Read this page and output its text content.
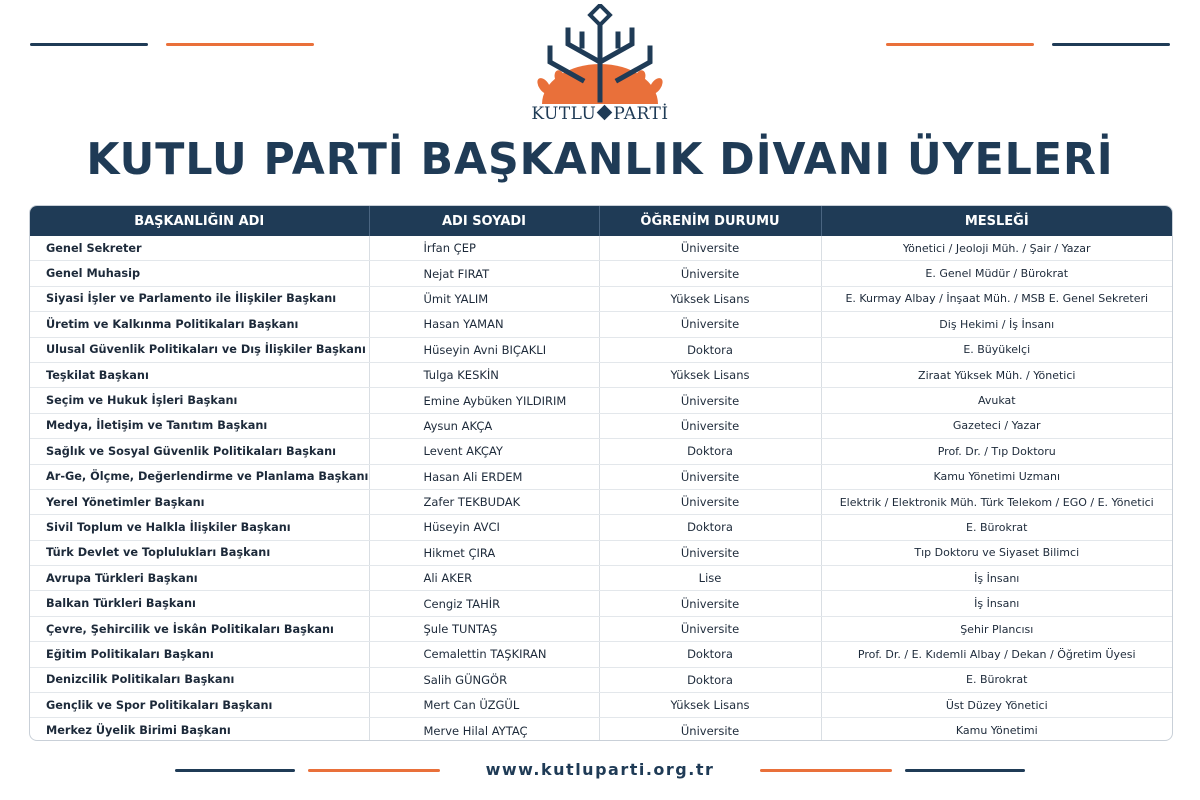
KUTLU PARTİ
KUTLU PARTİ BAŞKANLIK DİVANI ÜYELERİ
BAŞKANLIĞIN ADI	ADI SOYADI	ÖĞRENİM DURUMU	MESLEĞİ
Genel Sekreter	İrfan ÇEP	Üniversite	Yönetici / Jeoloji Müh. / Şair / Yazar
Genel Muhasip	Nejat FIRAT	Üniversite	E. Genel Müdür / Bürokrat
Siyasi İşler ve Parlamento ile İlişkiler Başkanı	Ümit YALIM	Yüksek Lisans	E. Kurmay Albay / İnşaat Müh. / MSB E. Genel Sekreteri
Üretim ve Kalkınma Politikaları Başkanı	Hasan YAMAN	Üniversite	Diş Hekimi / İş İnsanı
Ulusal Güvenlik Politikaları ve Dış İlişkiler Başkanı	Hüseyin Avni BIÇAKLI	Doktora	E. Büyükelçi
Teşkilat Başkanı	Tulga KESKİN	Yüksek Lisans	Ziraat Yüksek Müh. / Yönetici
Seçim ve Hukuk İşleri Başkanı	Emine Aybüken YILDIRIM	Üniversite	Avukat
Medya, İletişim ve Tanıtım Başkanı	Aysun AKÇA	Üniversite	Gazeteci / Yazar
Sağlık ve Sosyal Güvenlik Politikaları Başkanı	Levent AKÇAY	Doktora	Prof. Dr. / Tıp Doktoru
Ar-Ge, Ölçme, Değerlendirme ve Planlama Başkanı	Hasan Ali ERDEM	Üniversite	Kamu Yönetimi Uzmanı
Yerel Yönetimler Başkanı	Zafer TEKBUDAK	Üniversite	Elektrik / Elektronik Müh. Türk Telekom / EGO / E. Yönetici
Sivil Toplum ve Halkla İlişkiler Başkanı	Hüseyin AVCI	Doktora	E. Bürokrat
Türk Devlet ve Toplulukları Başkanı	Hikmet ÇIRA	Üniversite	Tıp Doktoru ve Siyaset Bilimci
Avrupa Türkleri Başkanı	Ali AKER	Lise	İş İnsanı
Balkan Türkleri Başkanı	Cengiz TAHİR	Üniversite	İş İnsanı
Çevre, Şehircilik ve İskân Politikaları Başkanı	Şule TUNTAŞ	Üniversite	Şehir Plancısı
Eğitim Politikaları Başkanı	Cemalettin TAŞKIRAN	Doktora	Prof. Dr. / E. Kıdemli Albay / Dekan / Öğretim Üyesi
Denizcilik Politikaları Başkanı	Salih GÜNGÖR	Doktora	E. Bürokrat
Gençlik ve Spor Politikaları Başkanı	Mert Can ÜZGÜL	Yüksek Lisans	Üst Düzey Yönetici
Merkez Üyelik Birimi Başkanı	Merve Hilal AYTAÇ	Üniversite	Kamu Yönetimi
www.kutluparti.org.tr
